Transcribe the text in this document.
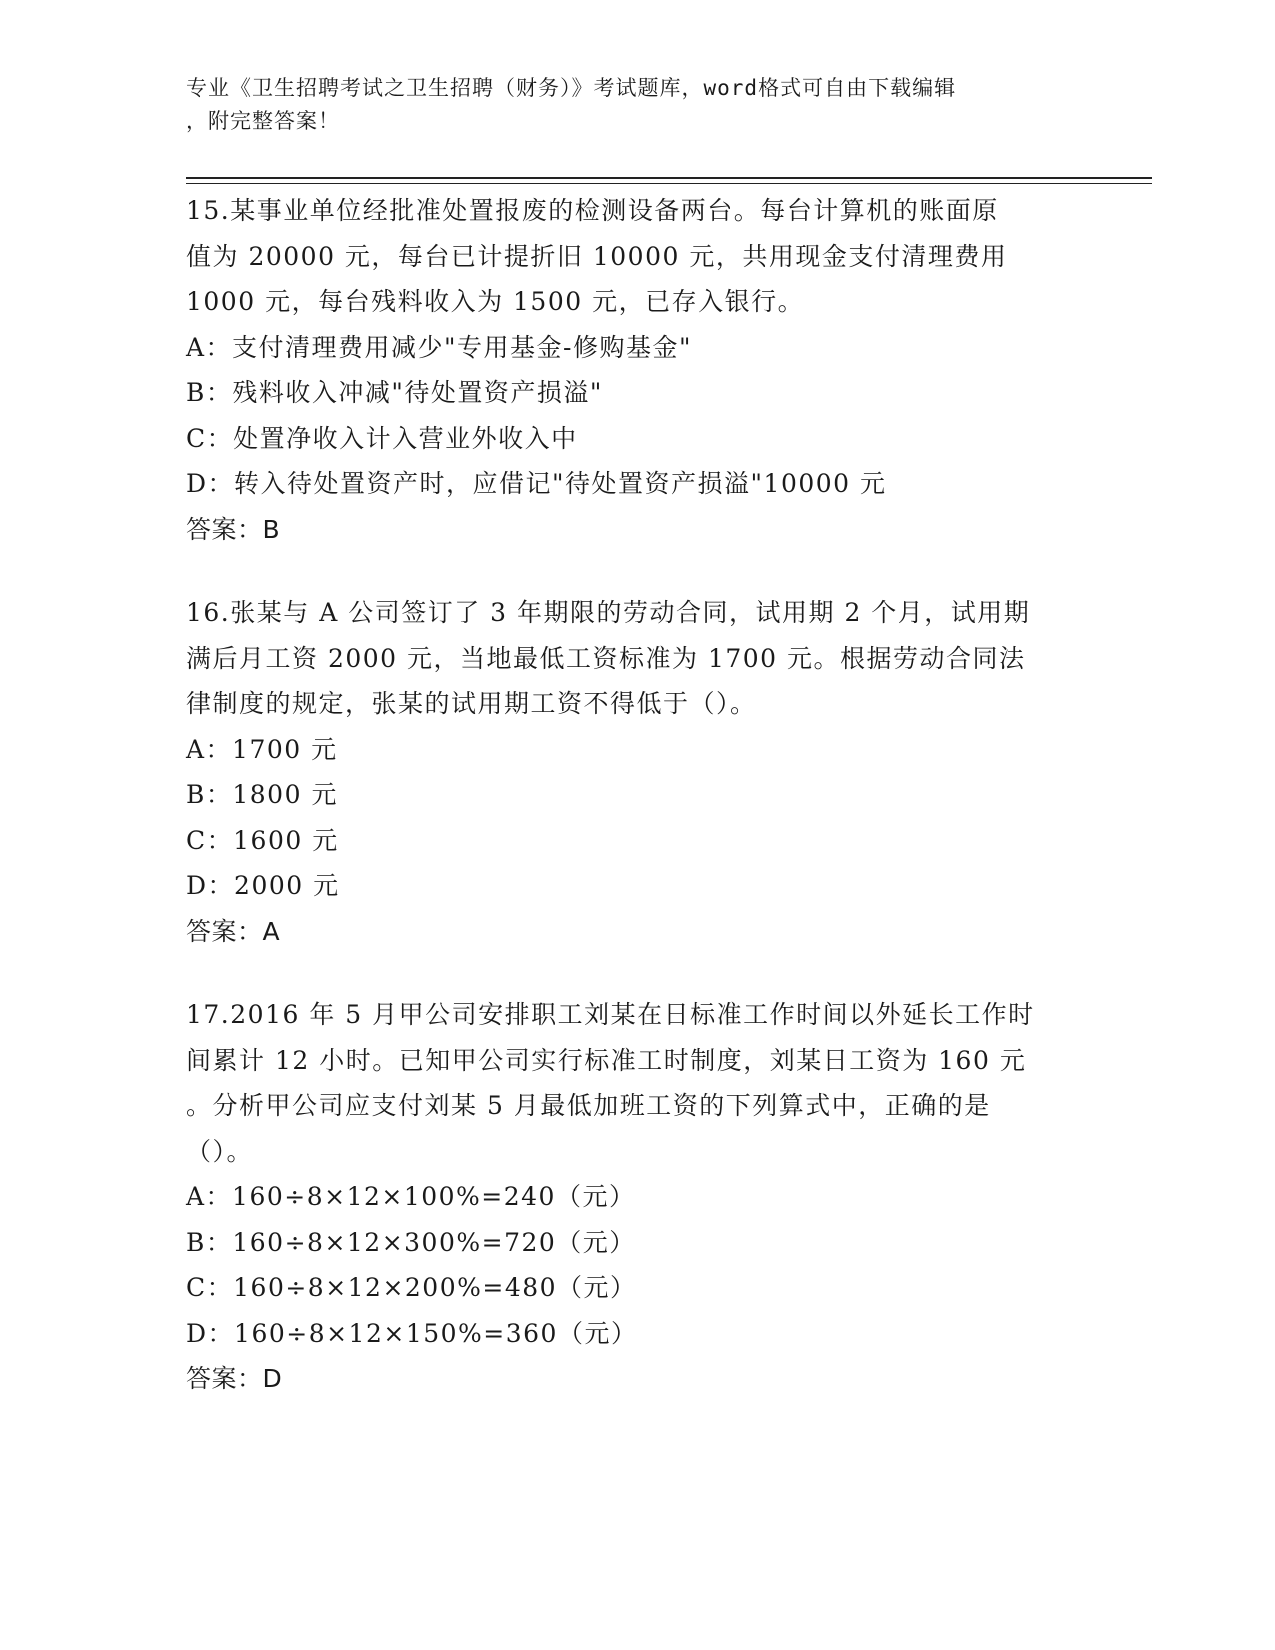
专业《卫生招聘考试之卫生招聘（财务）》考试题库，word格式可自由下载编辑
，附完整答案！
15.某事业单位经批准处置报废的检测设备两台。每台计算机的账面原
值为 20000 元，每台已计提折旧 10000 元，共用现金支付清理费用
1000 元，每台残料收入为 1500 元，已存入银行。
A：支付清理费用减少"专用基金-修购基金"
B：残料收入冲减"待处置资产损溢"
C：处置净收入计入营业外收入中
D：转入待处置资产时，应借记"待处置资产损溢"10000 元
答案：B
16.张某与 A 公司签订了 3 年期限的劳动合同，试用期 2 个月，试用期
满后月工资 2000 元，当地最低工资标准为 1700 元。根据劳动合同法
律制度的规定，张某的试用期工资不得低于（）。
A：1700 元
B：1800 元
C：1600 元
D：2000 元
答案：A
17.2016 年 5 月甲公司安排职工刘某在日标准工作时间以外延长工作时
间累计 12 小时。已知甲公司实行标准工时制度，刘某日工资为 160 元
。分析甲公司应支付刘某 5 月最低加班工资的下列算式中，正确的是
（）。
A：160÷8×12×100%=240（元）
B：160÷8×12×300%=720（元）
C：160÷8×12×200%=480（元）
D：160÷8×12×150%=360（元）
答案：D
